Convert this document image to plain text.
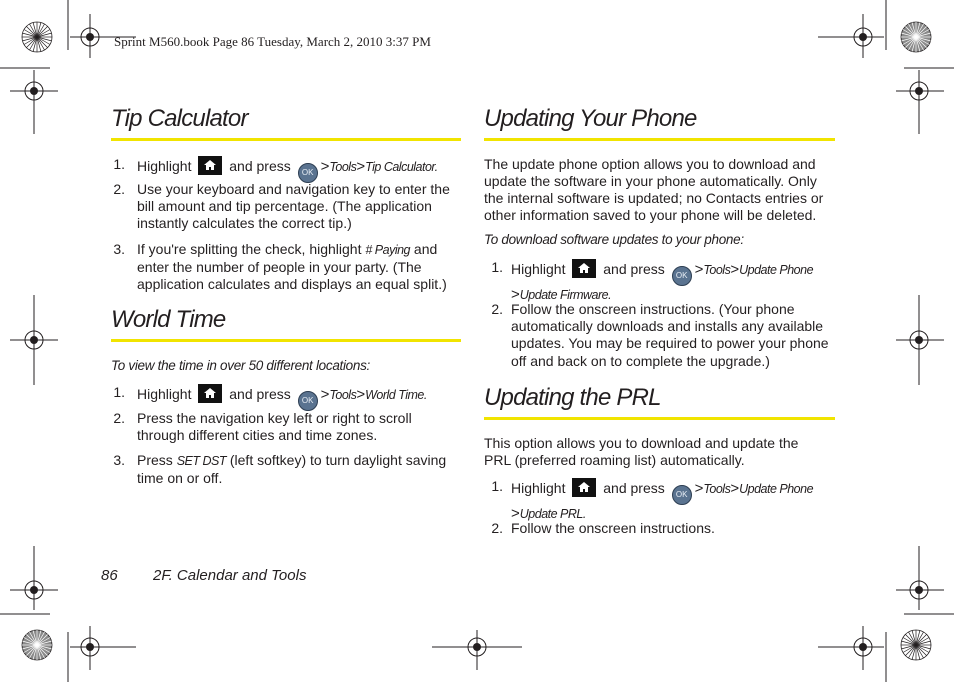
Sprint M560.book Page 86 Tuesday, March 2, 2010 3:37 PM
Tip Calculator
1. Highlight	and press OK >Tools>Tip Calculator.
2. Use your keyboard and navigation key to enter the bill amount and tip percentage. (The application instantly calculates the correct tip.)
3. If you're splitting the check, highlight # Paying and enter the number of people in your party. (The application calculates and displays an equal split.)
World Time
To view the time in over 50 different locations:
1. Highlight	and press OK >Tools>World Time.
2. Press the navigation key left or right to scroll through different cities and time zones.
3. Press SET DST (left softkey) to turn daylight saving time on or off.
Updating Your Phone
The update phone option allows you to download and update the software in your phone automatically. Only the internal software is updated; no Contacts entries or other information saved to your phone will be deleted.
To download software updates to your phone:
1. Highlight	and press OK >Tools>Update Phone
>Update Firmware.
2. Follow the onscreen instructions. (Your phone automatically downloads and installs any available updates. You may be required to power your phone off and back on to complete the upgrade.)
Updating the PRL
This option allows you to download and update the PRL (preferred roaming list) automatically.
1. Highlight	and press OK >Tools>Update Phone
>Update PRL.
2. Follow the onscreen instructions.
86 2F. Calendar and Tools
